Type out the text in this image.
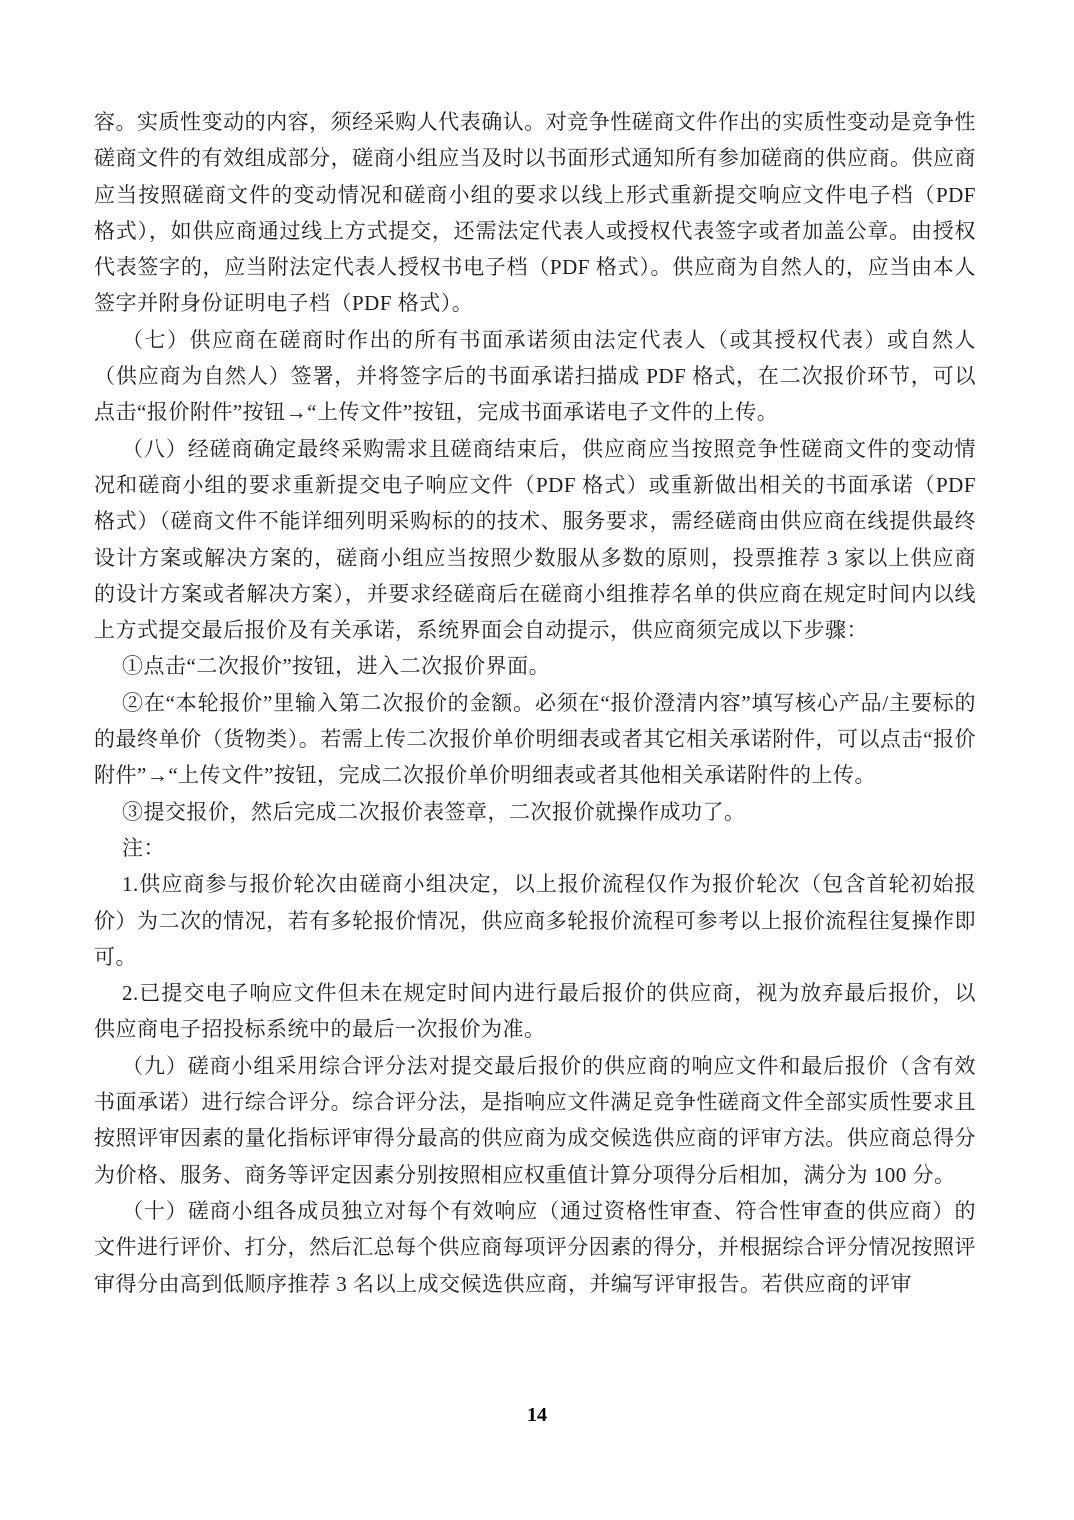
容。实质性变动的内容，须经采购人代表确认。对竞争性磋商文件作出的实质性变动是竞争性磋商文件的有效组成部分，磋商小组应当及时以书面形式通知所有参加磋商的供应商。供应商应当按照磋商文件的变动情况和磋商小组的要求以线上形式重新提交响应文件电子档（PDF 格式），如供应商通过线上方式提交，还需法定代表人或授权代表签字或者加盖公章。由授权代表签字的，应当附法定代表人授权书电子档（PDF 格式）。供应商为自然人的，应当由本人签字并附身份证明电子档（PDF 格式）。

（七）供应商在磋商时作出的所有书面承诺须由法定代表人（或其授权代表）或自然人（供应商为自然人）签署，并将签字后的书面承诺扫描成 PDF 格式，在二次报价环节，可以点击“报价附件”按钮→“上传文件”按钮，完成书面承诺电子文件的上传。

（八）经磋商确定最终采购需求且磋商结束后，供应商应当按照竞争性磋商文件的变动情况和磋商小组的要求重新提交电子响应文件（PDF 格式）或重新做出相关的书面承诺（PDF 格式）（磋商文件不能详细列明采购标的的技术、服务要求，需经磋商由供应商在线提供最终设计方案或解决方案的，磋商小组应当按照少数服从多数的原则，投票推荐 3 家以上供应商的设计方案或者解决方案），并要求经磋商后在磋商小组推荐名单的供应商在规定时间内以线上方式提交最后报价及有关承诺，系统界面会自动提示，供应商须完成以下步骤：

①点击“二次报价”按钮，进入二次报价界面。

②在“本轮报价”里输入第二次报价的金额。必须在“报价澄清内容”填写核心产品/主要标的的最终单价（货物类）。若需上传二次报价单价明细表或者其它相关承诺附件，可以点击“报价附件”→“上传文件”按钮，完成二次报价单价明细表或者其他相关承诺附件的上传。

③提交报价，然后完成二次报价表签章，二次报价就操作成功了。

注：

1.供应商参与报价轮次由磋商小组决定，以上报价流程仅作为报价轮次（包含首轮初始报价）为二次的情况，若有多轮报价情况，供应商多轮报价流程可参考以上报价流程往复操作即可。

2.已提交电子响应文件但未在规定时间内进行最后报价的供应商，视为放弃最后报价，以供应商电子招投标系统中的最后一次报价为准。

（九）磋商小组采用综合评分法对提交最后报价的供应商的响应文件和最后报价（含有效书面承诺）进行综合评分。综合评分法，是指响应文件满足竞争性磋商文件全部实质性要求且按照评审因素的量化指标评审得分最高的供应商为成交候选供应商的评审方法。供应商总得分为价格、服务、商务等评定因素分别按照相应权重值计算分项得分后相加，满分为 100 分。

（十）磋商小组各成员独立对每个有效响应（通过资格性审查、符合性审查的供应商）的文件进行评价、打分，然后汇总每个供应商每项评分因素的得分，并根据综合评分情况按照评审得分由高到低顺序推荐 3 名以上成交候选供应商，并编写评审报告。若供应商的评审

14
